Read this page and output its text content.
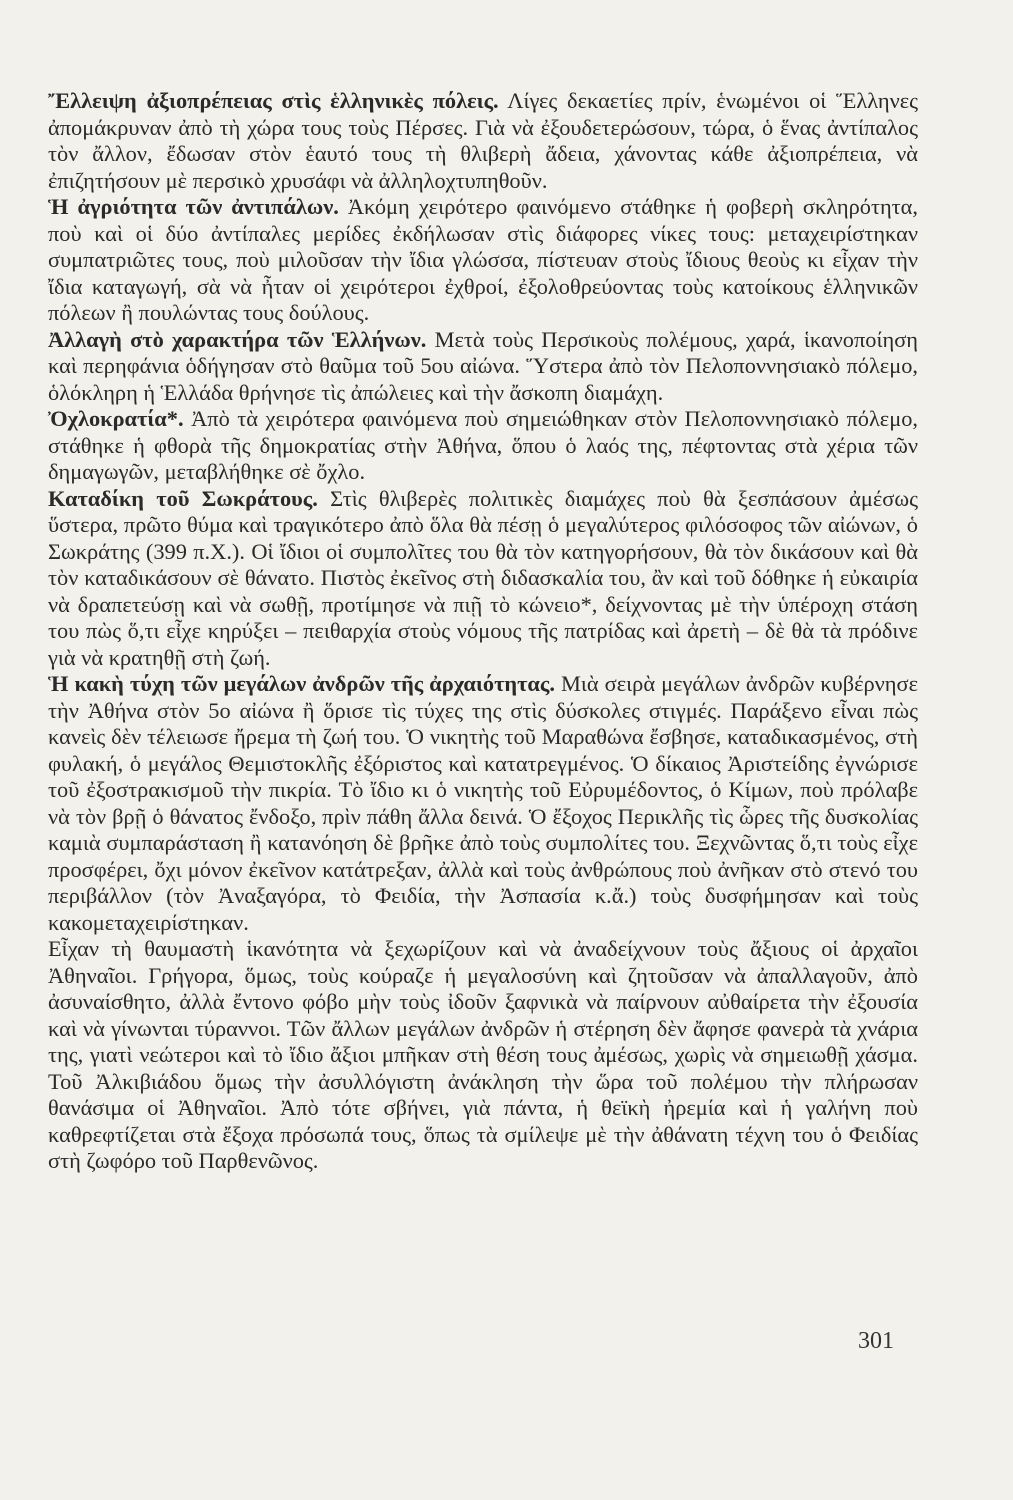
Ἔλλειψη ἀξιοπρέπειας στὶς ἑλληνικὲς πόλεις. Λίγες δεκαετίες πρίν, ἑνωμένοι οἱ Ἕλληνες ἀπομάκρυναν ἀπὸ τὴ χώρα τους τοὺς Πέρσες. Γιὰ νὰ ἐξουδετερώσουν, τώρα, ὁ ἕνας ἀντίπαλος τὸν ἄλλον, ἔδωσαν στὸν ἑαυτό τους τὴ θλιβερὴ ἄδεια, χάνοντας κάθε ἀξιοπρέπεια, νὰ ἐπιζητήσουν μὲ περσικὸ χρυσάφι νὰ ἀλληλοχτυπηθοῦν.

Ἡ ἀγριότητα τῶν ἀντιπάλων. Ἀκόμη χειρότερο φαινόμενο στάθηκε ἡ φοβερὴ σκληρότητα, ποὺ καὶ οἱ δύο ἀντίπαλες μερίδες ἐκδήλωσαν στὶς διάφορες νίκες τους: μεταχειρίστηκαν συμπατριῶτες τους, ποὺ μιλοῦσαν τὴν ἴδια γλώσσα, πίστευαν στοὺς ἴδιους θεοὺς κι εἶχαν τὴν ἴδια καταγωγή, σὰ νὰ ἦταν οἱ χειρότεροι ἐχθροί, ἐξολοθρεύοντας τοὺς κατοίκους ἑλληνικῶν πόλεων ἢ πουλώντας τους δούλους.

Ἀλλαγὴ στὸ χαρακτήρα τῶν Ἑλλήνων. Μετὰ τοὺς Περσικοὺς πολέμους, χαρά, ἱκανοποίηση καὶ περηφάνια ὁδήγησαν στὸ θαῦμα τοῦ 5ου αἰώνα. Ὕστερα ἀπὸ τὸν Πελοποννησιακὸ πόλεμο, ὁλόκληρη ἡ Ἑλλάδα θρήνησε τὶς ἀπώλειες καὶ τὴν ἄσκοπη διαμάχη.

Ὀχλοκρατία*. Ἀπὸ τὰ χειρότερα φαινόμενα ποὺ σημειώθηκαν στὸν Πελοποννησιακὸ πόλεμο, στάθηκε ἡ φθορὰ τῆς δημοκρατίας στὴν Ἀθήνα, ὅπου ὁ λαός της, πέφτοντας στὰ χέρια τῶν δημαγωγῶν, μεταβλήθηκε σὲ ὄχλο.

Καταδίκη τοῦ Σωκράτους. Στὶς θλιβερὲς πολιτικὲς διαμάχες ποὺ θὰ ξεσπάσουν ἀμέσως ὕστερα, πρῶτο θύμα καὶ τραγικότερο ἀπὸ ὅλα θὰ πέσῃ ὁ μεγαλύτερος φιλόσοφος τῶν αἰώνων, ὁ Σωκράτης (399 π.Χ.). Οἱ ἴδιοι οἱ συμπολῖτες του θὰ τὸν κατηγορήσουν, θὰ τὸν δικάσουν καὶ θὰ τὸν καταδικάσουν σὲ θάνατο. Πιστὸς ἐκεῖνος στὴ διδασκαλία του, ἂν καὶ τοῦ δόθηκε ἡ εὐκαιρία νὰ δραπετεύσῃ καὶ νὰ σωθῇ, προτίμησε νὰ πιῇ τὸ κώνειο*, δείχνοντας μὲ τὴν ὑπέροχη στάση του πὼς ὅ,τι εἶχε κηρύξει – πειθαρχία στοὺς νόμους τῆς πατρίδας καὶ ἀρετὴ – δὲ θὰ τὰ πρόδινε γιὰ νὰ κρατηθῇ στὴ ζωή.

Ἡ κακὴ τύχη τῶν μεγάλων ἀνδρῶν τῆς ἀρχαιότητας. Μιὰ σειρὰ μεγάλων ἀνδρῶν κυβέρνησε τὴν Ἀθήνα στὸν 5ο αἰώνα ἢ ὅρισε τὶς τύχες της στὶς δύσκολες στιγμές. Παράξενο εἶναι πὼς κανεὶς δὲν τέλειωσε ἤρεμα τὴ ζωή του. Ὁ νικητὴς τοῦ Μαραθώνα ἔσβησε, καταδικασμένος, στὴ φυλακή, ὁ μεγάλος Θεμιστοκλῆς ἐξόριστος καὶ κατατρεγμένος. Ὁ δίκαιος Ἀριστείδης ἐγνώρισε τοῦ ἐξοστρακισμοῦ τὴν πικρία. Τὸ ἴδιο κι ὁ νικητὴς τοῦ Εὐρυμέδοντος, ὁ Κίμων, ποὺ πρόλαβε νὰ τὸν βρῇ ὁ θάνατος ἔνδοξο, πρὶν πάθη ἄλλα δεινά. Ὁ ἔξοχος Περικλῆς τὶς ὧρες τῆς δυσκολίας καμιὰ συμπαράσταση ἢ κατανόηση δὲ βρῆκε ἀπὸ τοὺς συμπολίτες του. Ξεχνῶντας ὅ,τι τοὺς εἶχε προσφέρει, ὄχι μόνον ἐκεῖνον κατάτρεξαν, ἀλλὰ καὶ τοὺς ἀνθρώπους ποὺ ἀνῆκαν στὸ στενό του περιβάλλον (τὸν Ἀναξαγόρα, τὸ Φειδία, τὴν Ἀσπασία κ.ἄ.) τοὺς δυσφήμησαν καὶ τοὺς κακομεταχειρίστηκαν.

Εἶχαν τὴ θαυμαστὴ ἱκανότητα νὰ ξεχωρίζουν καὶ νὰ ἀναδείχνουν τοὺς ἄξιους οἱ ἀρχαῖοι Ἀθηναῖοι. Γρήγορα, ὅμως, τοὺς κούραζε ἡ μεγαλοσύνη καὶ ζητοῦσαν νὰ ἀπαλλαγοῦν, ἀπὸ ἀσυναίσθητο, ἀλλὰ ἔντονο φόβο μὴν τοὺς ἰδοῦν ξαφνικὰ νὰ παίρνουν αὐθαίρετα τὴν ἐξουσία καὶ νὰ γίνωνται τύραννοι. Τῶν ἄλλων μεγάλων ἀνδρῶν ἡ στέρηση δὲν ἄφησε φανερὰ τὰ χνάρια της, γιατὶ νεώτεροι καὶ τὸ ἴδιο ἄξιοι μπῆκαν στὴ θέση τους ἀμέσως, χωρὶς νὰ σημειωθῇ χάσμα. Τοῦ Ἀλκιβιάδου ὅμως τὴν ἀσυλλόγιστη ἀνάκληση τὴν ὥρα τοῦ πολέμου τὴν πλήρωσαν θανάσιμα οἱ Ἀθηναῖοι. Ἀπὸ τότε σβήνει, γιὰ πάντα, ἡ θεϊκὴ ἠρεμία καὶ ἡ γαλήνη ποὺ καθρεφτίζεται στὰ ἔξοχα πρόσωπά τους, ὅπως τὰ σμίλεψε μὲ τὴν ἀθάνατη τέχνη του ὁ Φειδίας στὴ ζωφόρο τοῦ Παρθενῶνος.

301
